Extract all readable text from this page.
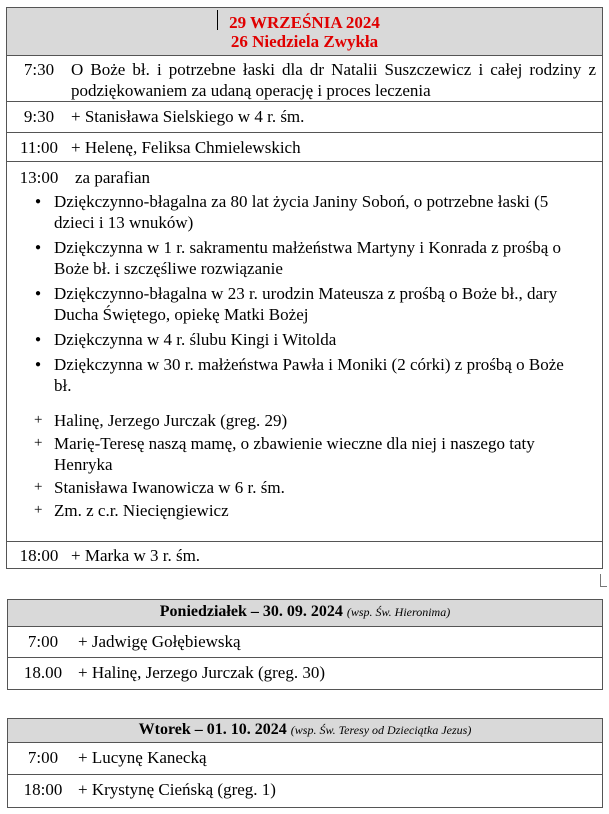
29 WRZEŚNIA 2024
26 Niedziela Zwykła
7:30 O Boże bł. i potrzebne łaski dla dr Natalii Suszczewicz i całej rodziny z podziękowaniem za udaną operację i proces leczenia
9:30 + Stanisława Sielskiego w 4 r. śm.
11:00 + Helenę, Feliksa Chmielewskich
13:00 za parafian
● Dziękczynno-błagalna za 80 lat życia Janiny Soboń, o potrzebne łaski (5 dzieci i 13 wnuków)
● Dziękczynna w 1 r. sakramentu małżeństwa Martyny i Konrada z prośbą o Boże bł. i szczęśliwe rozwiązanie
● Dziękczynno-błagalna w 23 r. urodzin Mateusza z prośbą o Boże bł., dary Ducha Świętego, opiekę Matki Bożej
● Dziękczynna w 4 r. ślubu Kingi i Witolda
● Dziękczynna w 30 r. małżeństwa Pawła i Moniki (2 córki) z prośbą o Boże bł.
+ Halinę, Jerzego Jurczak (greg. 29)
+ Marię-Teresę naszą mamę, o zbawienie wieczne dla niej i naszego taty Henryka
+ Stanisława Iwanowicza w 6 r. śm.
+ Zm. z c.r. Niecięngiewicz
18:00 + Marka w 3 r. śm.
Poniedziałek – 30. 09. 2024 (wsp. Św. Hieronima)
7:00	+ Jadwigę Gołębiewską
18.00 + Halinę, Jerzego Jurczak (greg. 30)
Wtorek – 01. 10. 2024 (wsp. Św. Teresy od Dzieciątka Jezus)
7:00	+ Lucynę Kanecką
18:00 + Krystynę Cieńską (greg. 1)
